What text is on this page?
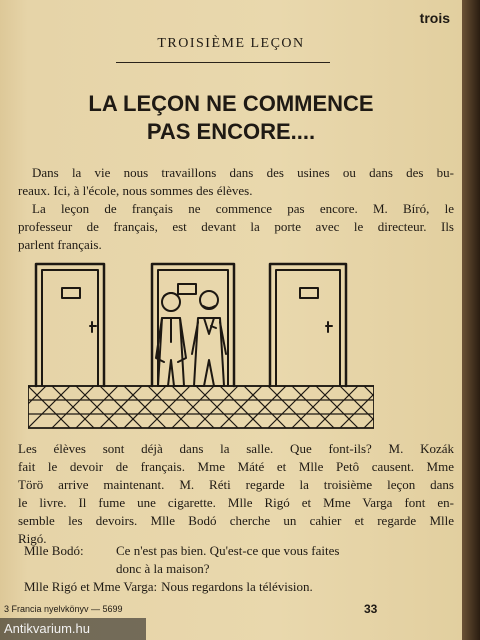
trois
TROISIÈME LEÇON
LA LEÇON NE COMMENCE
PAS ENCORE....
Dans la vie nous travaillons dans des usines ou dans des bu-
reaux. Ici, à l'école, nous sommes des élèves.
La leçon de français ne commence pas encore. M. Bíró, le
professeur de français, est devant la porte avec le directeur. Ils
parlent français.
Les élèves sont déjà dans la salle. Que font-ils? M. Kozák
fait le devoir de français. Mme Máté et Mlle Petô causent. Mme
Törö arrive maintenant. M. Réti regarde la troisième leçon dans
le livre. Il fume une cigarette. Mlle Rigó et Mme Varga font en-
semble les devoirs. Mlle Bodó cherche un cahier et regarde Mlle
Rigó.
Mlle Bodó:	Ce n'est pas bien. Qu'est-ce que vous faites
donc à la maison?
Mlle Rigó et Mme Varga: Nous regardons la télévision.
3 Francia nyelvkönyv — 5699	33
Antikvarium.hu
